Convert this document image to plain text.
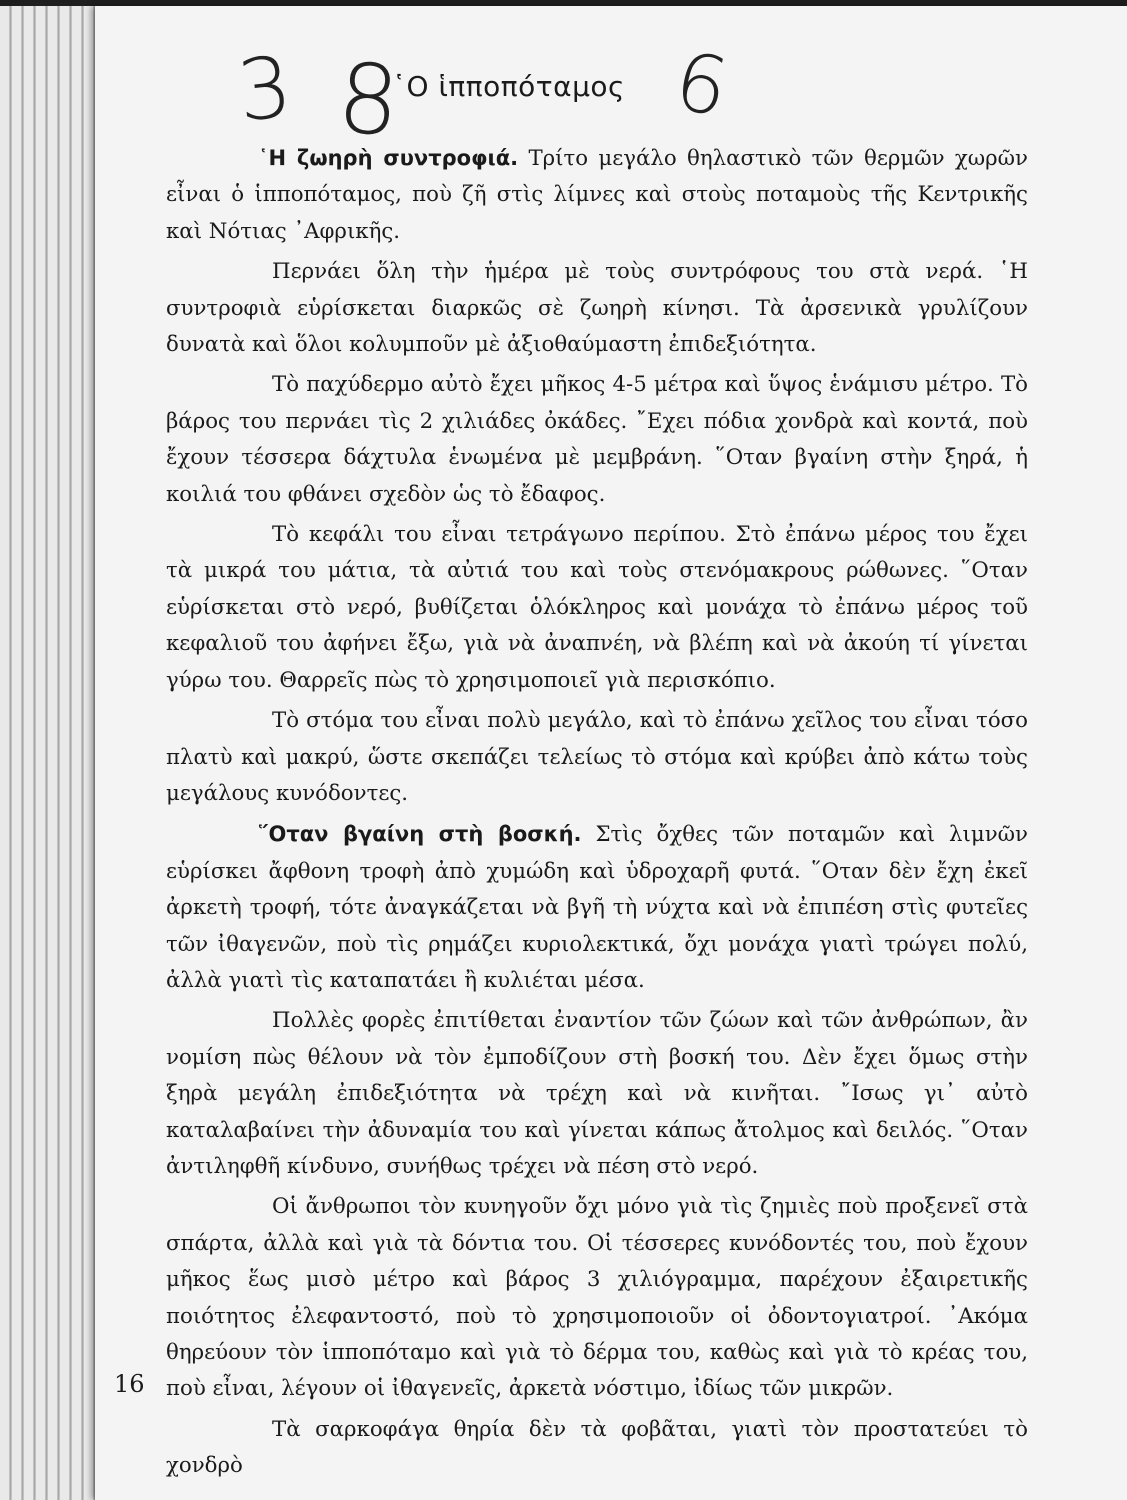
3 8	6
῾Ο ἱπποπόταμος

῾Η ζωηρὴ συντροφιά. Τρίτο μεγάλο θηλαστικὸ τῶν θερμῶν χωρῶν εἶναι ὁ ἱπποπόταμος, ποὺ ζῆ στὶς λίμνες καὶ στοὺς ποταμοὺς τῆς Κεντρικῆς καὶ Νότιας ᾿Αφρικῆς.

Περνάει ὅλη τὴν ἡμέρα μὲ τοὺς συντρόφους του στὰ νερά. ῾Η συντροφιὰ εὑρίσκεται διαρκῶς σὲ ζωηρὴ κίνησι. Τὰ ἀρσενικὰ γρυλίζουν δυνατὰ καὶ ὅλοι κολυμποῦν μὲ ἀξιοθαύμαστη ἐπιδεξιότητα.

Τὸ παχύδερμο αὐτὸ ἔχει μῆκος 4-5 μέτρα καὶ ὕψος ἑνάμισυ μέτρο. Τὸ βάρος του περνάει τὶς 2 χιλιάδες ὀκάδες. ῎Εχει πόδια χονδρὰ καὶ κοντά, ποὺ ἔχουν τέσσερα δάχτυλα ἑνωμένα μὲ μεμβράνη. ῞Οταν βγαίνη στὴν ξηρά, ἡ κοιλιά του φθάνει σχεδὸν ὡς τὸ ἔδαφος.

Τὸ κεφάλι του εἶναι τετράγωνο περίπου. Στὸ ἐπάνω μέρος του ἔχει τὰ μικρά του μάτια, τὰ αὐτιά του καὶ τοὺς στενόμακρους ρώθωνες. ῞Οταν εὑρίσκεται στὸ νερό, βυθίζεται ὁλόκληρος καὶ μονάχα τὸ ἐπάνω μέρος τοῦ κεφαλιοῦ του ἀφήνει ἔξω, γιὰ νὰ ἀναπνέη, νὰ βλέπη καὶ νὰ ἀκούη τί γίνεται γύρω του. Θαρρεῖς πὼς τὸ χρησιμοποιεῖ γιὰ περισκόπιο.

Τὸ στόμα του εἶναι πολὺ μεγάλο, καὶ τὸ ἐπάνω χεῖλος του εἶναι τόσο πλατὺ καὶ μακρύ, ὥστε σκεπάζει τελείως τὸ στόμα καὶ κρύβει ἀπὸ κάτω τοὺς μεγάλους κυνόδοντες.

῞Οταν βγαίνη στὴ βοσκή. Στὶς ὄχθες τῶν ποταμῶν καὶ λιμνῶν εὑρίσκει ἄφθονη τροφὴ ἀπὸ χυμώδη καὶ ὑδροχαρῆ φυτά. ῞Οταν δὲν ἔχη ἐκεῖ ἀρκετὴ τροφή, τότε ἀναγκάζεται νὰ βγῆ τὴ νύχτα καὶ νὰ ἐπιπέση στὶς φυτεῖες τῶν ἰθαγενῶν, ποὺ τὶς ρημάζει κυριολεκτικά, ὄχι μονάχα γιατὶ τρώγει πολύ, ἀλλὰ γιατὶ τὶς καταπατάει ἢ κυλιέται μέσα.

Πολλὲς φορὲς ἐπιτίθεται ἐναντίον τῶν ζώων καὶ τῶν ἀνθρώπων, ἂν νομίση πὼς θέλουν νὰ τὸν ἐμποδίζουν στὴ βοσκή του. Δὲν ἔχει ὅμως στὴν ξηρὰ μεγάλη ἐπιδεξιότητα νὰ τρέχη καὶ νὰ κινῆται. ῎Ισως γι᾿ αὐτὸ καταλαβαίνει τὴν ἀδυναμία του καὶ γίνεται κάπως ἄτολμος καὶ δειλός. ῞Οταν ἀντιληφθῆ κίνδυνο, συνήθως τρέχει νὰ πέση στὸ νερό.

Οἱ ἄνθρωποι τὸν κυνηγοῦν ὄχι μόνο γιὰ τὶς ζημιὲς ποὺ προξενεῖ στὰ σπάρτα, ἀλλὰ καὶ γιὰ τὰ δόντια του. Οἱ τέσσερες κυνόδοντές του, ποὺ ἔχουν μῆκος ἕως μισὸ μέτρο καὶ βάρος 3 χιλιόγραμμα, παρέχουν ἐξαιρετικῆς ποιότητος ἐλεφαντοστό, ποὺ τὸ χρησιμοποιοῦν οἱ ὀδοντογιατροί. ᾿Ακόμα θηρεύουν τὸν ἱπποπόταμο καὶ γιὰ τὸ δέρμα του, καθὼς καὶ γιὰ τὸ κρέας του, ποὺ εἶναι, λέγουν οἱ ἰθαγενεῖς, ἀρκετὰ νόστιμο, ἰδίως τῶν μικρῶν.

Τὰ σαρκοφάγα θηρία δὲν τὰ φοβᾶται, γιατὶ τὸν προστατεύει τὸ χονδρὸ

16
